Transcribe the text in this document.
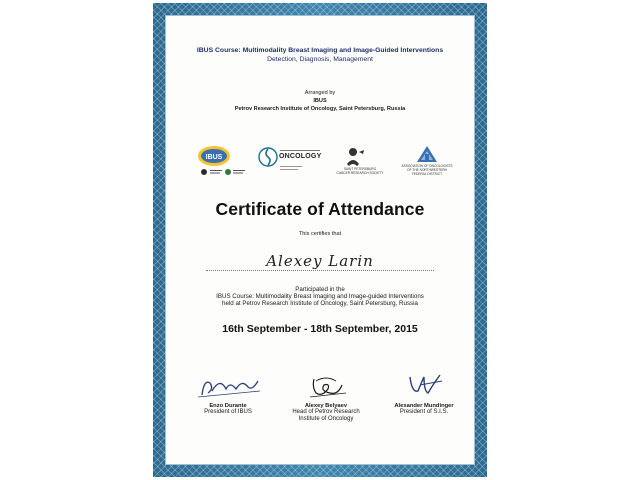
IBUS Course: Multimodality Breast Imaging and Image-Guided Interventions
Detection, Diagnosis, Management
Arranged by
IBUS
Petrov Research Institute of Oncology, Saint Petersburg, Russia
IBUS	ONCOLOGY
SAINT PETERSBURG
CANCER RESEARCH SOCIETY
ASSOCIATION OF ONCOLOGISTS
OF THE NORTHWESTERN
FEDERAL DISTRICT
Certificate of Attendance
This certifies that
Alexey Larin
Participated in the
IBUS Course: Multimodality Breast Imaging and Image-guided Interventions
held at Petrov Research Institute of Oncology, Saint Petersburg, Russia
16th September - 18th September, 2015
Enzo Durante
President of IBUS
Alexey Belyaev
Head of Petrov Research
Institute of Oncology
Alexander Mundinger
President of S.I.S.
